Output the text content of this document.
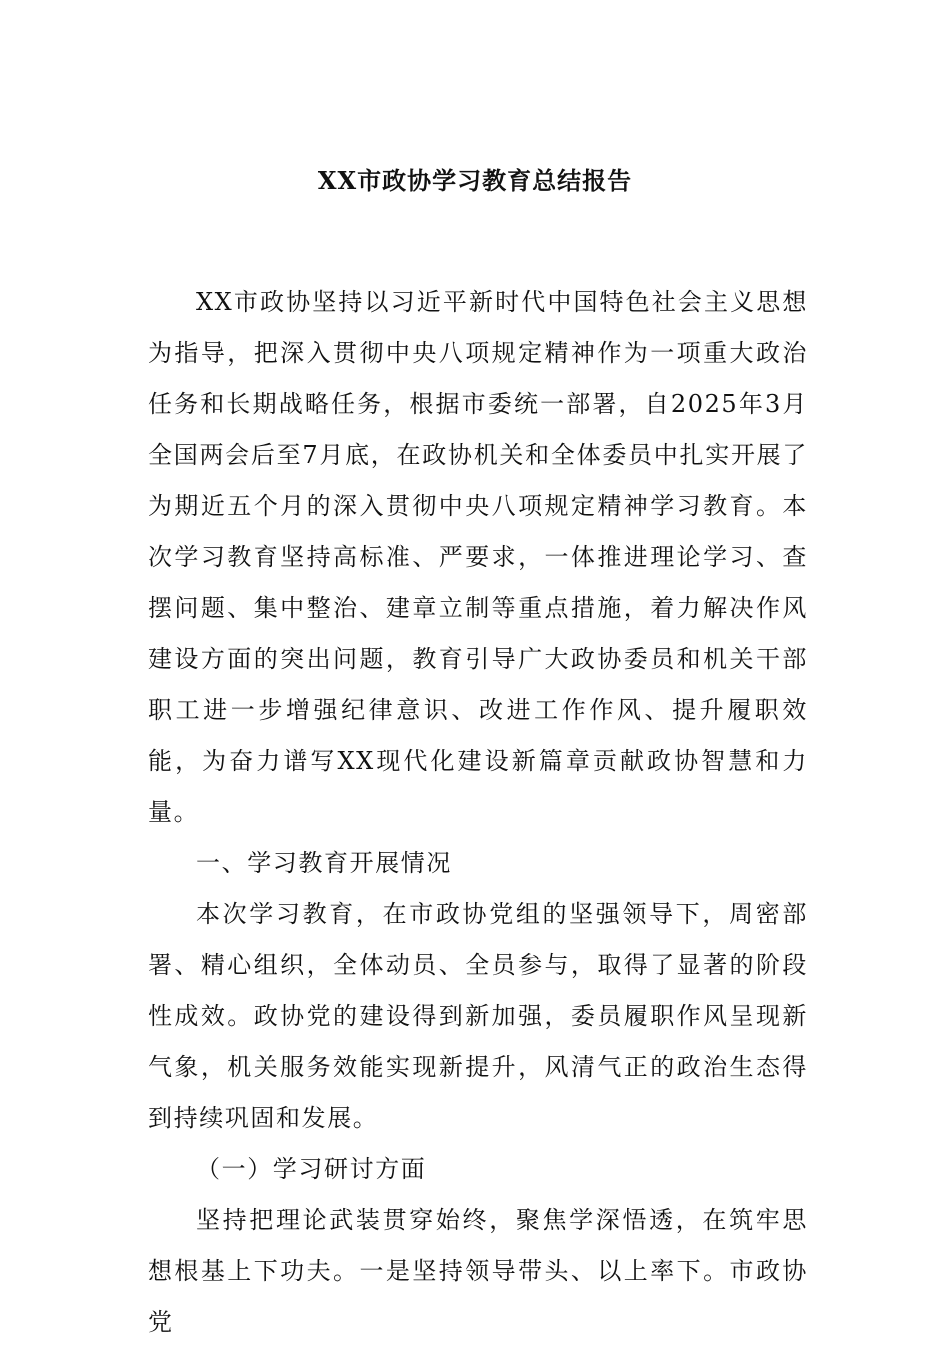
XX市政协学习教育总结报告

XX市政协坚持以习近平新时代中国特色社会主义思想为指导，把深入贯彻中央八项规定精神作为一项重大政治任务和长期战略任务，根据市委统一部署，自2025年3月全国两会后至7月底，在政协机关和全体委员中扎实开展了为期近五个月的深入贯彻中央八项规定精神学习教育。本次学习教育坚持高标准、严要求，一体推进理论学习、查摆问题、集中整治、建章立制等重点措施，着力解决作风建设方面的突出问题，教育引导广大政协委员和机关干部职工进一步增强纪律意识、改进工作作风、提升履职效能，为奋力谱写XX现代化建设新篇章贡献政协智慧和力量。

一、学习教育开展情况

本次学习教育，在市政协党组的坚强领导下，周密部署、精心组织，全体动员、全员参与，取得了显著的阶段性成效。政协党的建设得到新加强，委员履职作风呈现新气象，机关服务效能实现新提升，风清气正的政治生态得到持续巩固和发展。

（一）学习研讨方面

坚持把理论武装贯穿始终，聚焦学深悟透，在筑牢思想根基上下功夫。一是坚持领导带头、以上率下。市政协党
